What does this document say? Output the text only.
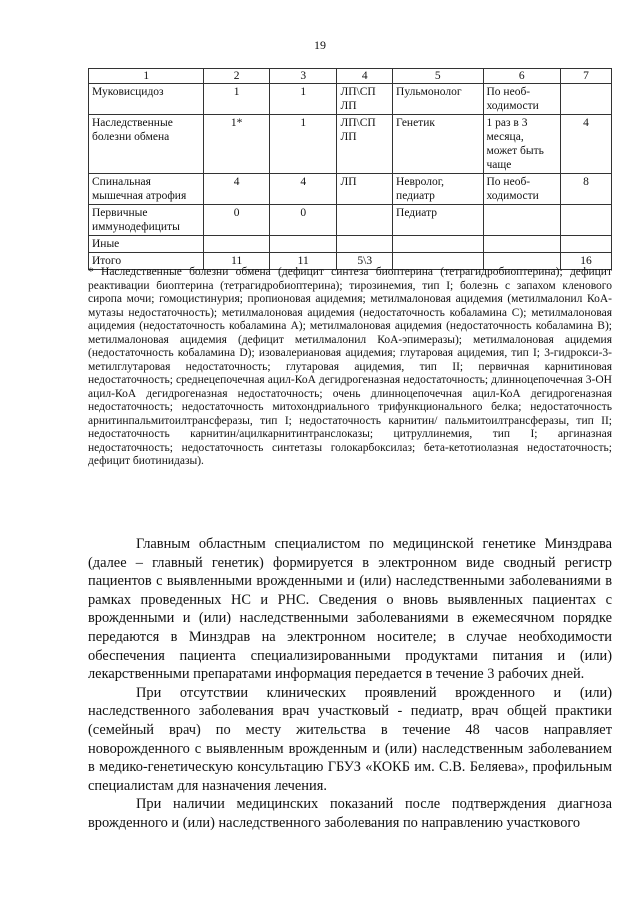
19
1	2	3	4	5	6	7
Муковисцидоз	1	1	ЛП\СП ЛП	Пульмонолог	По необ-ходимости	
Наследственные болезни обмена	1*	1	ЛП\СП ЛП	Генетик	1 раз в 3 месяца, может быть чаще	4
Спинальная мышечная атрофия	4	4	ЛП	Невролог, педиатр	По необ-ходимости	8
Первичные иммунодефициты	0	0		Педиатр		
Иные						
Итого	11	11	5\3			16

* Наследственные болезни обмена (дефицит синтеза биоптерина (тетрагидробиоптерина); дефицит реактивации биоптерина (тетрагидробиоптерина); тирозинемия, тип I; болезнь с запахом кленового сиропа мочи; гомоцистинурия; пропионовая ацидемия; метилмалоновая ацидемия (метилмалонил КоА-мутазы недостаточность); метилмалоновая ацидемия (недостаточность кобаламина С); метилмалоновая ацидемия (недостаточность кобаламина А); метилмалоновая ацидемия (недостаточность кобаламина В); метилмалоновая ацидемия (дефицит метилмалонил КоА-эпимеразы); метилмалоновая ацидемия (недостаточность кобаламина D); изовалериановая ацидемия; глутаровая ацидемия, тип I; 3-гидрокси-3-метилглутаровая недостаточность; глутаровая ацидемия, тип II; первичная карнитиновая недостаточность; среднецепочечная ацил-КоА дегидрогеназная недостаточность; длинноцепочечная 3-ОН ацил-КоА дегидрогеназная недостаточность; очень длинноцепочечная ацил-КоА дегидрогеназная недостаточность; недостаточность митохондриального трифункционального белка; недостаточность арнитинпальмитоилтрансферазы, тип I; недостаточность карнитин/ пальмитоилтрансферазы, тип II; недостаточность карнитин/ацилкарнитинтранслоказы; цитруллинемия, тип I; аргиназная недостаточность; недостаточность синтетазы голокарбоксилаз; бета-кетотиолазная недостаточность; дефицит биотинидазы).

Главным областным специалистом по медицинской генетике Минздрава (далее – главный генетик) формируется в электронном виде сводный регистр пациентов с выявленными врожденными и (или) наследственными заболеваниями в рамках проведенных НС и РНС. Сведения о вновь выявленных пациентах с врожденными и (или) наследственными заболеваниями в ежемесячном порядке передаются в Минздрав на электронном носителе; в случае необходимости обеспечения пациента специализированными продуктами питания и (или) лекарственными препаратами информация передается в течение 3 рабочих дней.

При отсутствии клинических проявлений врожденного и (или) наследственного заболевания врач участковый - педиатр, врач общей практики (семейный врач) по месту жительства в течение 48 часов направляет новорожденного с выявленным врожденным и (или) наследственным заболеванием в медико-генетическую консультацию ГБУЗ «КОКБ им. С.В. Беляева», профильным специалистам для назначения лечения.

При наличии медицинских показаний после подтверждения диагноза врожденного и (или) наследственного заболевания по направлению участкового
